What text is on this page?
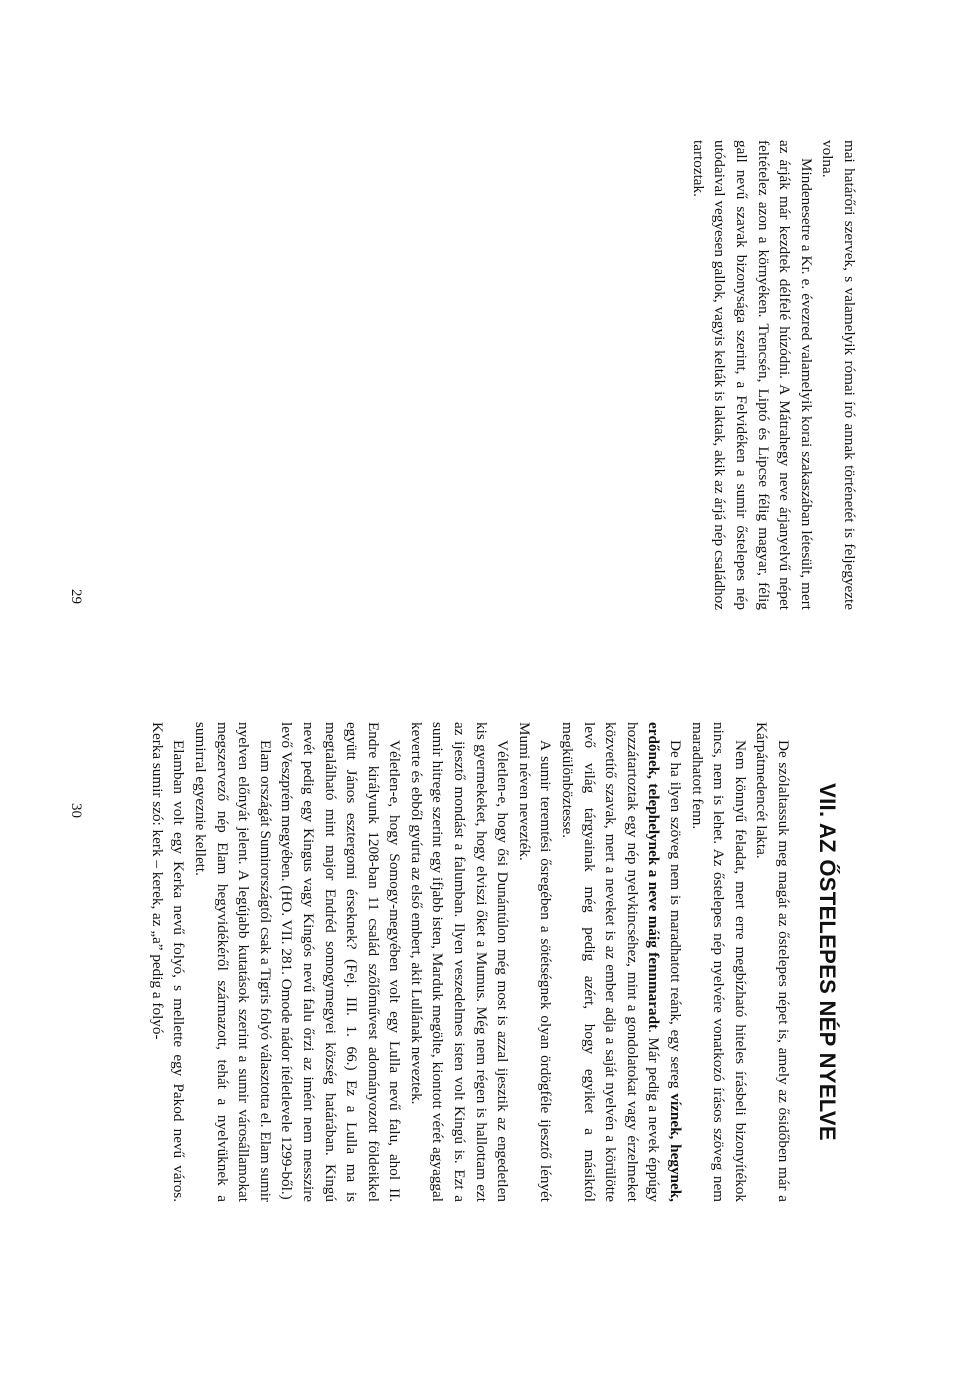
mai határőri szervek, s valamelyik római író annak történetét is feljegyezte volna.

Mindenesetre a Kr. e. évezred valamelyik korai szakaszában létesült, mert az árják már kezdtek délfelé húzódni. A Mátrahegy neve árjanyelvű népet feltételez azon a környéken. Trencsén, Liptó és Lipcse félig magyar, félig gall nevű szavak bizonysága szerint, a Felvidéken a sumir őstelepes nép utódaival vegyesen gallok, vagyis kelták is laktak, akik az árjá nép családhoz tartoztak.

29
VII. AZ ŐSTELEPES NÉP NYELVE

De szólaltassuk meg magát az őstelepes népet is, amely az ősidőben már a Kárpátmedencét lakta.

Nem könnyű feladat, mert erre megbízható hiteles írásbeli bizonyítékok nincs, nem is lehet. Az őstelepes nép nyelvére vonatkozó írásos szöveg nem maradhatott fenn.

De ha ilyen szöveg nem is maradhatott reánk, egy sereg víznek, hegynek, erdőnek, telephelynek a neve máig fennmaradt. Már pedig a nevek éppúgy hozzátartoztak egy nép nyelvkincséhez, mint a gondolatokat vagy érzelmeket közvetítő szavak, mert a neveket is az ember adja a saját nyelvén a körülötte levő világ tárgyainak még pedig azért, hogy egyiket a másiktól megkülönböztesse.

A sumir teremtési ősregében a sötétségnek olyan ördögféle ijesztő lényét Mumi néven nevezték.

Véletlen-e, hogy ősi Dunántúlon még most is azzal ijesztik az engedetlen kis gyermekeket, hogy elviszi őket a Mumus. Még nem régen is hallottam ezt az ijesztő mondást a falumban. Ilyen veszedelmes isten volt Kingú is. Ezt a sumir hitrege szerint egy ifjabb isten, Marduk megölte, kiontott vérét agyaggal keverte és ebből gyúrta az első embert, akit Lullának neveztek.

Véletlen-e, hogy Somogy-megyében volt egy Lulla nevű falu, ahol II. Endre királyunk 1208-ban 11 család szőlőművest adományozott földeikkel együtt János esztergomi érseknek? (Fej. III. 1. 66.) Ez a Lulla ma is megtalálható mint major Endréd somogymegyei község határában. Kingú nevét pedig egy Kingus vagy Kingós nevű falu őrzi az imént nem messzire levő Veszprém megyében. (HO. VII. 281. Omode nádor ítéletlevele 1299-ből.)

Elam országát Sumirországtól csak a Tigris folyó választotta el. Elam sumir nyelven előnyát jelent. A legújabb kutatások szerint a sumir városállamokat megszervező nép Elam hegyvidékéről származott, tehát a nyelvüknek a sumirral egyeznie kellett.

Elamban volt egy Kerka nevű folyó, s mellette egy Pakod nevű város. Kerka sumir szó: kerk – kerek, az „a” pedig a folyó-

30
